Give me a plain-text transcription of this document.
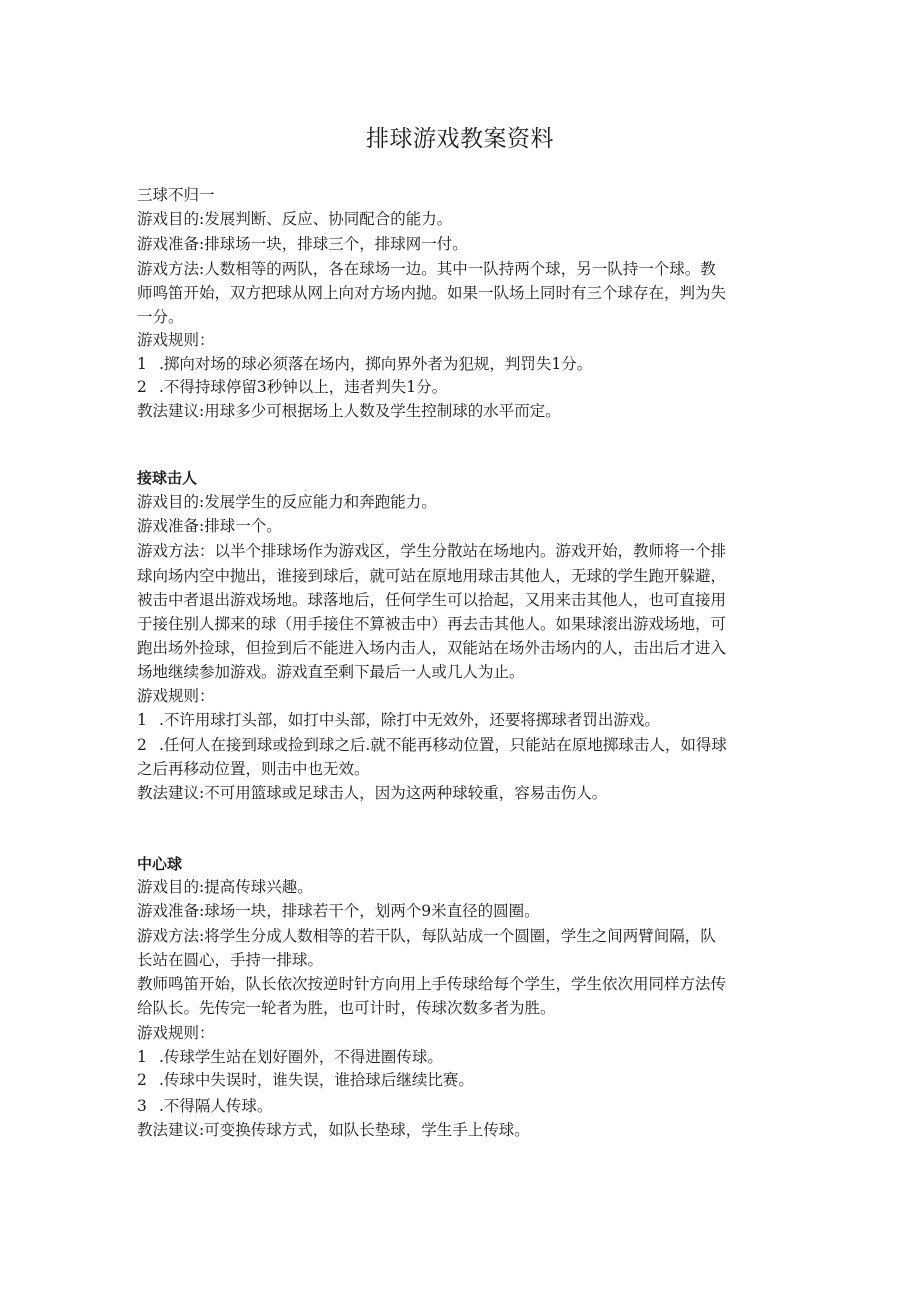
排球游戏教案资料

三球不归一

游戏目的:发展判断、反应、协同配合的能力。

游戏准备:排球场一块，排球三个，排球网一付。

游戏方法:人数相等的两队，各在球场一边。其中一队持两个球，另一队持一个球。教

师鸣笛开始，双方把球从网上向对方场内抛。如果一队场上同时有三个球存在，判为失

一分。

游戏规则：

1 .掷向对场的球必须落在场内，掷向界外者为犯规，判罚失1分。

2 .不得持球停留3秒钟以上，违者判失1分。

教法建议:用球多少可根据场上人数及学生控制球的水平而定。

接球击人

游戏目的:发展学生的反应能力和奔跑能力。

游戏准备:排球一个。

游戏方法：以半个排球场作为游戏区，学生分散站在场地内。游戏开始，教师将一个排

球向场内空中抛出，谁接到球后，就可站在原地用球击其他人，无球的学生跑开躲避，

被击中者退出游戏场地。球落地后，任何学生可以拾起，又用来击其他人，也可直接用

于接住别人掷来的球（用手接住不算被击中）再去击其他人。如果球滚出游戏场地，可

跑出场外捡球，但捡到后不能进入场内击人，双能站在场外击场内的人，击出后才进入

场地继续参加游戏。游戏直至剩下最后一人或几人为止。

游戏规则：

1 .不许用球打头部，如打中头部，除打中无效外，还要将掷球者罚出游戏。

2 .任何人在接到球或捡到球之后.就不能再移动位置，只能站在原地掷球击人，如得球

之后再移动位置，则击中也无效。

教法建议:不可用篮球或足球击人，因为这两种球较重，容易击伤人。

中心球

游戏目的:提高传球兴趣。

游戏准备:球场一块，排球若干个，划两个9米直径的圆圈。

游戏方法:将学生分成人数相等的若干队，每队站成一个圆圈，学生之间两臂间隔，队

长站在圆心，手持一排球。

教师鸣笛开始，队长依次按逆时针方向用上手传球给每个学生，学生依次用同样方法传

给队长。先传完一轮者为胜，也可计时，传球次数多者为胜。

游戏规则：

1 .传球学生站在划好圈外，不得进圈传球。

2 .传球中失误时，谁失误，谁拾球后继续比赛。

3 .不得隔人传球。

教法建议:可变换传球方式，如队长垫球，学生手上传球。
